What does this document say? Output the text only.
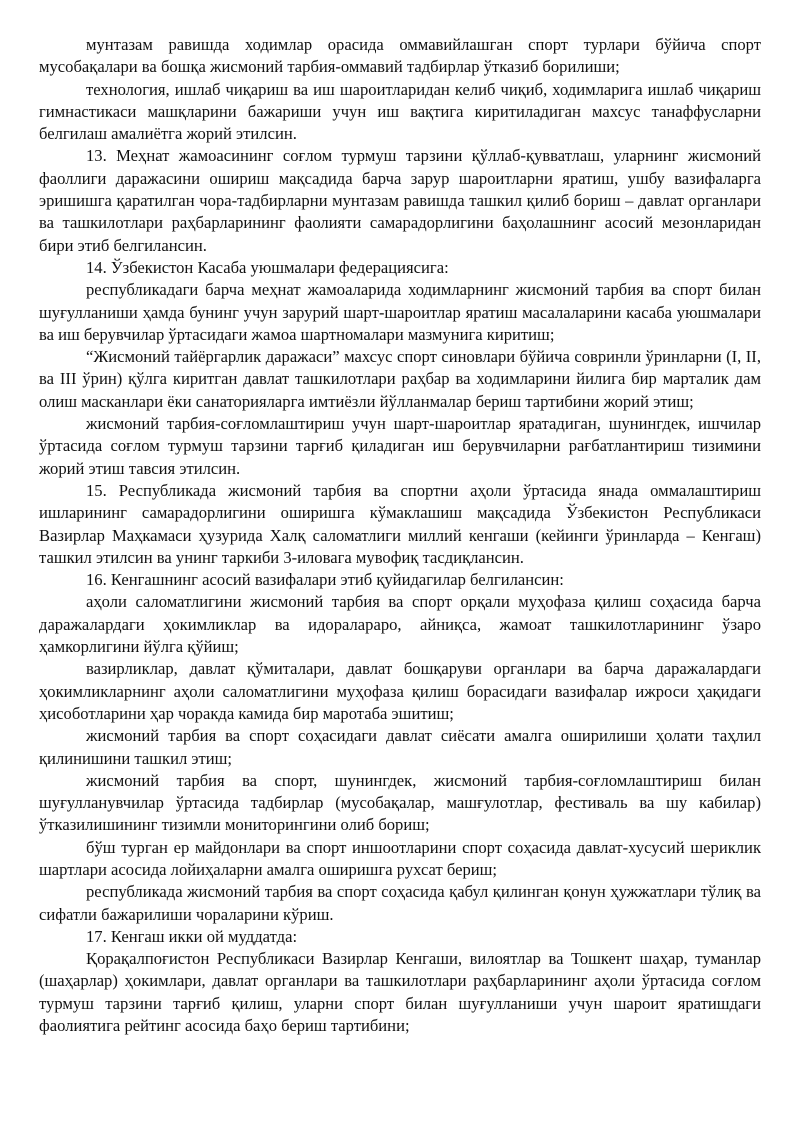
мунтазам равишда ходимлар орасида оммавийлашган спорт турлари бўйича спорт мусобақалари ва бошқа жисмоний тарбия-оммавий тадбирлар ўтказиб борилиши;

технология, ишлаб чиқариш ва иш шароитларидан келиб чиқиб, ходимларига ишлаб чиқариш гимнастикаси машқларини бажариши учун иш вақтига киритиладиган махсус танаффусларни белгилаш амалиётга жорий этилсин.

13. Меҳнат жамоасининг соғлом турмуш тарзини қўллаб-қувватлаш, уларнинг жисмоний фаоллиги даражасини ошириш мақсадида барча зарур шароитларни яратиш, ушбу вазифаларга эришишга қаратилган чора-тадбирларни мунтазам равишда ташкил қилиб бориш – давлат органлари ва ташкилотлари раҳбарларининг фаолияти самарадорлигини баҳолашнинг асосий мезонларидан бири этиб белгилансин.

14. Ўзбекистон Касаба уюшмалари федерациясига:

республикадаги барча меҳнат жамоаларида ходимларнинг жисмоний тарбия ва спорт билан шуғулланиши ҳамда бунинг учун зарурий шарт-шароитлар яратиш масалаларини касаба уюшмалари ва иш берувчилар ўртасидаги жамоа шартномалари мазмунига киритиш;

“Жисмоний тайёргарлик даражаси” махсус спорт синовлари бўйича совринли ўринларни (I, II, ва III ўрин) қўлга киритган давлат ташкилотлари раҳбар ва ходимларини йилига бир марталик дам олиш масканлари ёки санаторияларга имтиёзли йўлланмалар бериш тартибини жорий этиш;

жисмоний тарбия-соғломлаштириш учун шарт-шароитлар яратадиган, шунингдек, ишчилар ўртасида соғлом турмуш тарзини тарғиб қиладиган иш берувчиларни рағбатлантириш тизимини жорий этиш тавсия этилсин.

15. Республикада жисмоний тарбия ва спортни аҳоли ўртасида янада оммалаштириш ишларининг самарадорлигини оширишга кўмаклашиш мақсадида Ўзбекистон Республикаси Вазирлар Маҳкамаси ҳузурида Халқ саломатлиги миллий кенгаши (кейинги ўринларда – Кенгаш) ташкил этилсин ва унинг таркиби 3-иловага мувофиқ тасдиқлансин.

16. Кенгашнинг асосий вазифалари этиб қуйидагилар белгилансин:

аҳоли саломатлигини жисмоний тарбия ва спорт орқали муҳофаза қилиш соҳасида барча даражалардаги ҳокимликлар ва идоралараро, айниқса, жамоат ташкилотларининг ўзаро ҳамкорлигини йўлга қўйиш;

вазирликлар, давлат қўмиталари, давлат бошқаруви органлари ва барча даражалардаги ҳокимликларнинг аҳоли саломатлигини муҳофаза қилиш борасидаги вазифалар ижроси ҳақидаги ҳисоботларини ҳар чоракда камида бир маротаба эшитиш;

жисмоний тарбия ва спорт соҳасидаги давлат сиёсати амалга оширилиши ҳолати таҳлил қилинишини ташкил этиш;

жисмоний тарбия ва спорт, шунингдек, жисмоний тарбия-соғломлаштириш билан шуғулланувчилар ўртасида тадбирлар (мусобақалар, машғулотлар, фестиваль ва шу кабилар) ўтказилишининг тизимли мониторингини олиб бориш;

бўш турган ер майдонлари ва спорт иншоотларини спорт соҳасида давлат-хусусий шериклик шартлари асосида лойиҳаларни амалга оширишга рухсат бериш;

республикада жисмоний тарбия ва спорт соҳасида қабул қилинган қонун ҳужжатлари тўлиқ ва сифатли бажарилиши чораларини кўриш.

17. Кенгаш икки ой муддатда:

Қорақалпоғистон Республикаси Вазирлар Кенгаши, вилоятлар ва Тошкент шаҳар, туманлар (шаҳарлар) ҳокимлари, давлат органлари ва ташкилотлари раҳбарларининг аҳоли ўртасида соғлом турмуш тарзини тарғиб қилиш, уларни спорт билан шуғулланиши учун шароит яратишдаги фаолиятига рейтинг асосида баҳо бериш тартибини;
